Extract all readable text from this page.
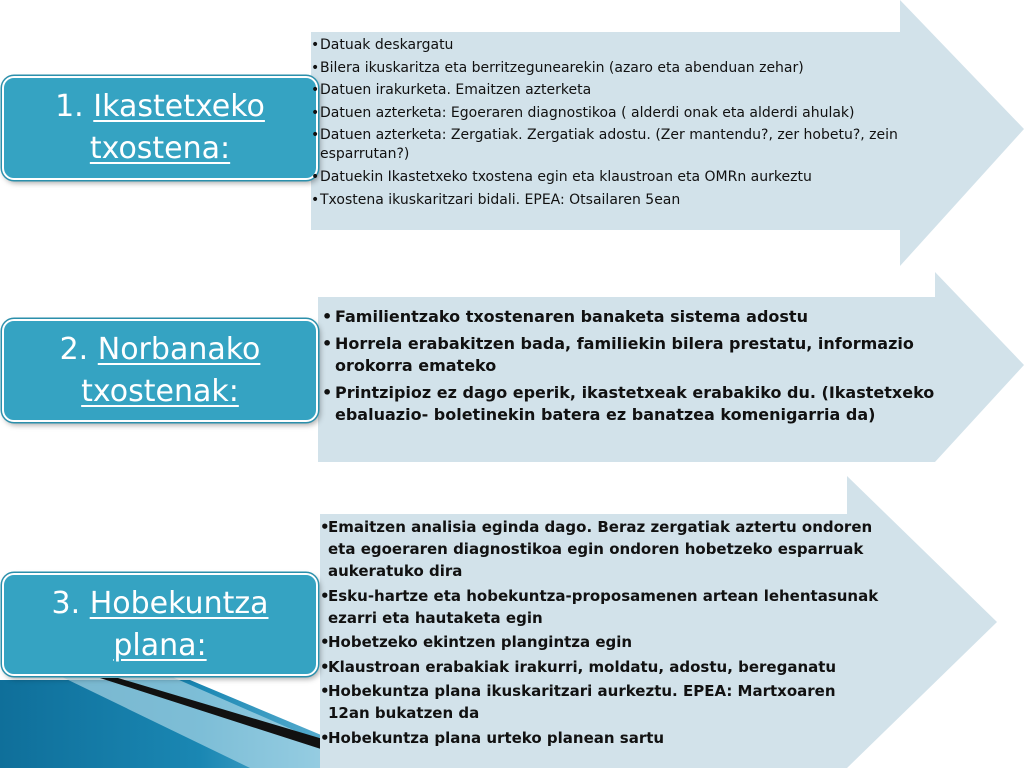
1. Ikastetxeko
txostena:
• Datuak deskargatu
• Bilera ikuskaritza eta berritzegunearekin (azaro eta abenduan zehar)
• Datuen irakurketa. Emaitzen azterketa
• Datuen azterketa: Egoeraren diagnostikoa ( alderdi onak eta alderdi ahulak)
• Datuen azterketa: Zergatiak. Zergatiak adostu. (Zer mantendu?, zer hobetu?, zein esparrutan?)
• Datuekin Ikastetxeko txostena egin eta klaustroan eta OMRn aurkeztu
• Txostena ikuskaritzari bidali. EPEA: Otsailaren 5ean
2. Norbanako
txostenak:
• Familientzako txostenaren banaketa sistema adostu
• Horrela erabakitzen bada, familiekin bilera prestatu, informazio orokorra emateko
• Printzipioz ez dago eperik, ikastetxeak erabakiko du. (Ikastetxeko ebaluazio- boletinekin batera ez banatzea komenigarria da)
3. Hobekuntza
plana:
•
Emaitzen analisia eginda dago. Beraz zergatiak aztertu ondoren eta egoeraren diagnostikoa egin ondoren hobetzeko esparruak aukeratuko dira
•
Esku-hartze eta hobekuntza-proposamenen artean lehentasunak ezarri eta hautaketa egin
•
Hobetzeko ekintzen plangintza egin
•
Klaustroan erabakiak irakurri, moldatu, adostu, bereganatu
•
Hobekuntza plana ikuskaritzari aurkeztu. EPEA: Martxoaren 12an bukatzen da
•
Hobekuntza plana urteko planean sartu
